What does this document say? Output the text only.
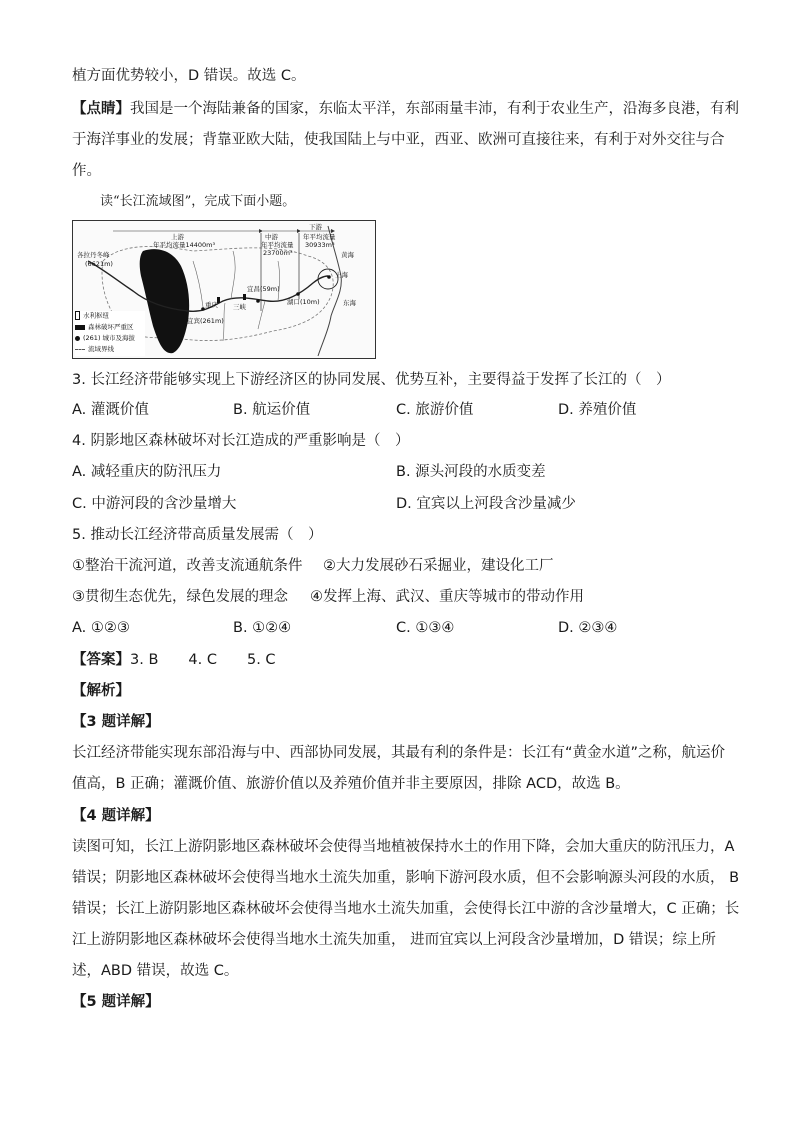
植方面优势较小，D 错误。故选 C。
【点睛】我国是一个海陆兼备的国家，东临太平洋，东部雨量丰沛，有利于农业生产，沿海多良港，有利
于海洋事业的发展；背靠亚欧大陆，使我国陆上与中亚，西亚、欧洲可直接往来，有利于对外交往与合
作。
读“长江流域图”，完成下面小题。
上游
年平均流量14400m³
中游
年平均流量
23700m³
下游
年平均流量
30933m³
各拉丹冬峰
(6621m)
重庆 三峡
宜昌(59m)
宜宾(261m)
湖口(10m)
上海
黄海
东海
水利枢纽
森林破坏严重区
(261) 城市及海拔
流域界线
3. 长江经济带能够实现上下游经济区的协同发展、优势互补，主要得益于发挥了长江的（　）
A. 灌溉价值	B. 航运价值	C. 旅游价值	D. 养殖价值
4. 阴影地区森林破坏对长江造成的严重影响是（　）
A. 减轻重庆的防汛压力	B. 源头河段的水质变差
C. 中游河段的含沙量增大	D. 宜宾以上河段含沙量减少
5. 推动长江经济带高质量发展需（　）
①整治干流河道，改善支流通航条件 ②大力发展砂石采掘业，建设化工厂
③贯彻生态优先，绿色发展的理念 ④发挥上海、武汉、重庆等城市的带动作用
A. ①②③	B. ①②④	C. ①③④	D. ②③④
【答案】3. B 4. C 5. C
【解析】
【3 题详解】
长江经济带能实现东部沿海与中、西部协同发展，其最有利的条件是：长江有“黄金水道”之称，航运价
值高，B 正确；灌溉价值、旅游价值以及养殖价值并非主要原因，排除 ACD，故选 B。
【4 题详解】
读图可知，长江上游阴影地区森林破坏会使得当地植被保持水土的作用下降，会加大重庆的防汛压力，A
错误；阴影地区森林破坏会使得当地水土流失加重，影响下游河段水质，但不会影响源头河段的水质， B
错误；长江上游阴影地区森林破坏会使得当地水土流失加重，会使得长江中游的含沙量增大，C 正确；长
江上游阴影地区森林破坏会使得当地水土流失加重， 进而宜宾以上河段含沙量增加，D 错误；综上所
述，ABD 错误，故选 C。
【5 题详解】
